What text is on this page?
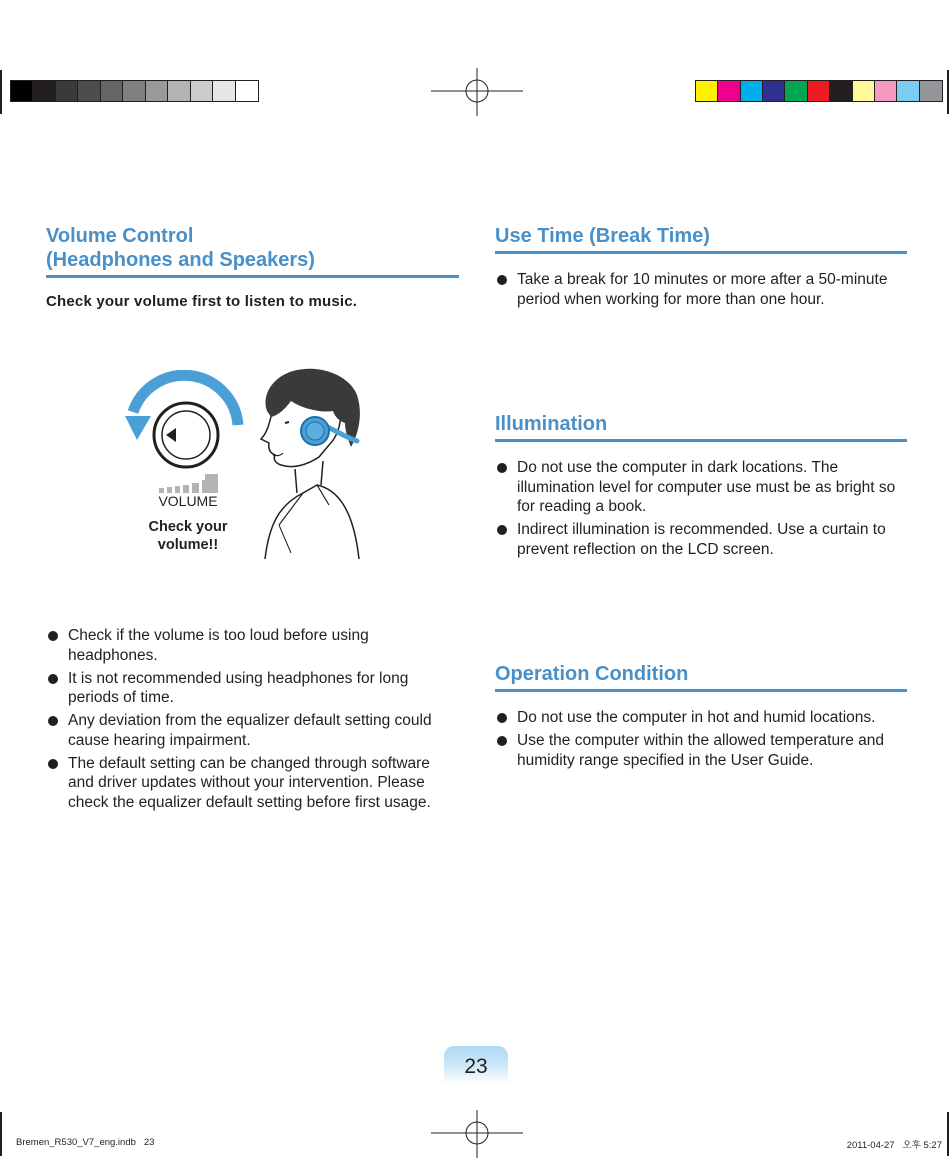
Volume Control
(Headphones and Speakers)
Check your volume first to listen to music.
VOLUME
Check your
volume!!
Check if the volume is too loud before using headphones.
It is not recommended using headphones for long periods of time.
Any deviation from the equalizer default setting could cause hearing impairment.
The default setting can be changed through software and driver updates without your intervention. Please check the equalizer default setting before first usage.
Use Time (Break Time)
Take a break for 10 minutes or more after a 50-minute period when working for more than one hour.
Illumination
Do not use the computer in dark locations. The illumination level for computer use must be as bright so for reading a book.
Indirect illumination is recommended. Use a curtain to prevent reflection on the LCD screen.
Operation Condition
Do not use the computer in hot and humid locations.
Use the computer within the allowed temperature and humidity range specified in the User Guide.
23
Bremen_R530_V7_eng.indb   23	2011-04-27   오후 5:27
